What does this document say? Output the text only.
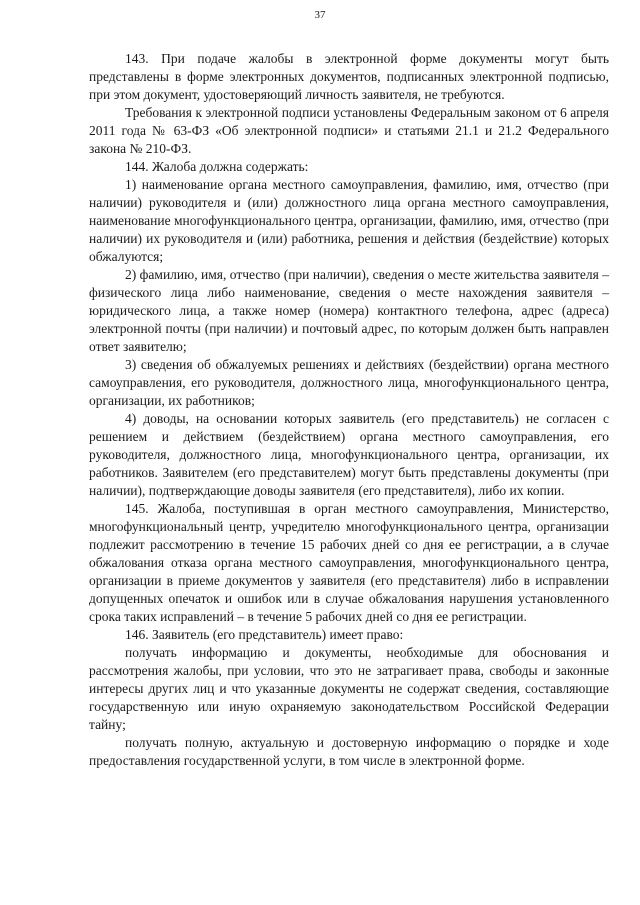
37

143. При подаче жалобы в электронной форме документы могут быть представлены в форме электронных документов, подписанных электронной подписью, при этом документ, удостоверяющий личность заявителя, не требуются.

Требования к электронной подписи установлены Федеральным законом от 6 апреля 2011 года № 63-ФЗ «Об электронной подписи» и статьями 21.1 и 21.2 Федерального закона № 210-ФЗ.

144. Жалоба должна содержать:

1) наименование органа местного самоуправления, фамилию, имя, отчество (при наличии) руководителя и (или) должностного лица органа местного самоуправления, наименование многофункционального центра, организации, фамилию, имя, отчество (при наличии) их руководителя и (или) работника, решения и действия (бездействие) которых обжалуются;

2) фамилию, имя, отчество (при наличии), сведения о месте жительства заявителя – физического лица либо наименование, сведения о месте нахождения заявителя – юридического лица, а также номер (номера) контактного телефона, адрес (адреса) электронной почты (при наличии) и почтовый адрес, по которым должен быть направлен ответ заявителю;

3) сведения об обжалуемых решениях и действиях (бездействии) органа местного самоуправления, его руководителя, должностного лица, многофункционального центра, организации, их работников;

4) доводы, на основании которых заявитель (его представитель) не согласен с решением и действием (бездействием) органа местного самоуправления, его руководителя, должностного лица, многофункционального центра, организации, их работников. Заявителем (его представителем) могут быть представлены документы (при наличии), подтверждающие доводы заявителя (его представителя), либо их копии.

145. Жалоба, поступившая в орган местного самоуправления, Министерство, многофункциональный центр, учредителю многофункционального центра, организации подлежит рассмотрению в течение 15 рабочих дней со дня ее регистрации, а в случае обжалования отказа органа местного самоуправления, многофункционального центра, организации в приеме документов у заявителя (его представителя) либо в исправлении допущенных опечаток и ошибок или в случае обжалования нарушения установленного срока таких исправлений – в течение 5 рабочих дней со дня ее регистрации.

146. Заявитель (его представитель) имеет право:

получать информацию и документы, необходимые для обоснования и рассмотрения жалобы, при условии, что это не затрагивает права, свободы и законные интересы других лиц и что указанные документы не содержат сведения, составляющие государственную или иную охраняемую законодательством Российской Федерации тайну;

получать полную, актуальную и достоверную информацию о порядке и ходе предоставления государственной услуги, в том числе в электронной форме.
